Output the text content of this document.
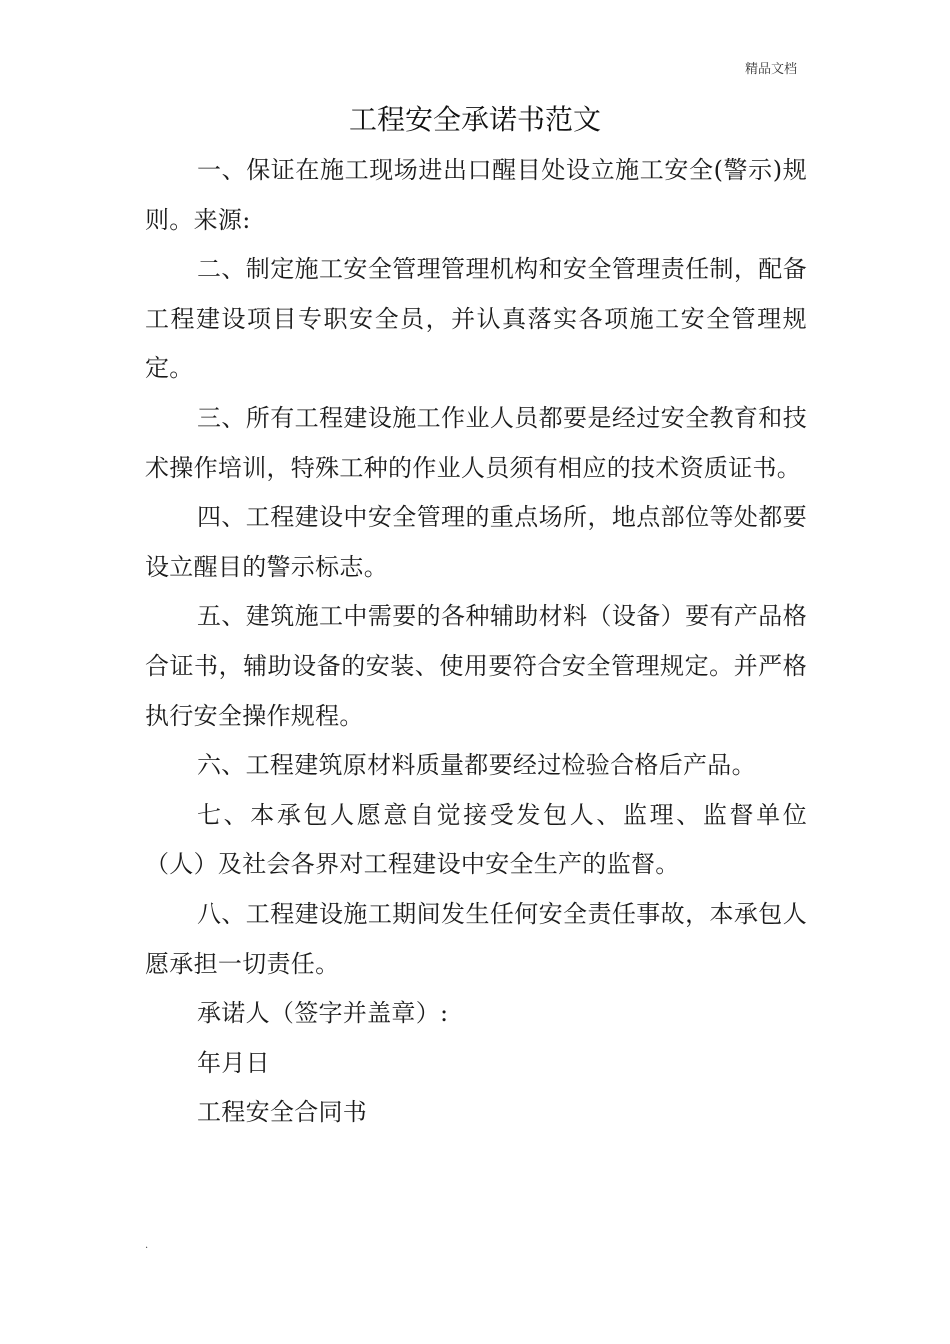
精品文档
工程安全承诺书范文

一、保证在施工现场进出口醒目处设立施工安全(警示)规则。来源:

二、制定施工安全管理管理机构和安全管理责任制，配备工程建设项目专职安全员，并认真落实各项施工安全管理规定。

三、所有工程建设施工作业人员都要是经过安全教育和技术操作培训，特殊工种的作业人员须有相应的技术资质证书。

四、工程建设中安全管理的重点场所，地点部位等处都要设立醒目的警示标志。

五、建筑施工中需要的各种辅助材料（设备）要有产品格合证书，辅助设备的安装、使用要符合安全管理规定。并严格执行安全操作规程。

六、工程建筑原材料质量都要经过检验合格后产品。

七、本承包人愿意自觉接受发包人、监理、监督单位（人）及社会各界对工程建设中安全生产的监督。

八、工程建设施工期间发生任何安全责任事故，本承包人愿承担一切责任。

承诺人（签字并盖章）:

年月日

工程安全合同书

.
